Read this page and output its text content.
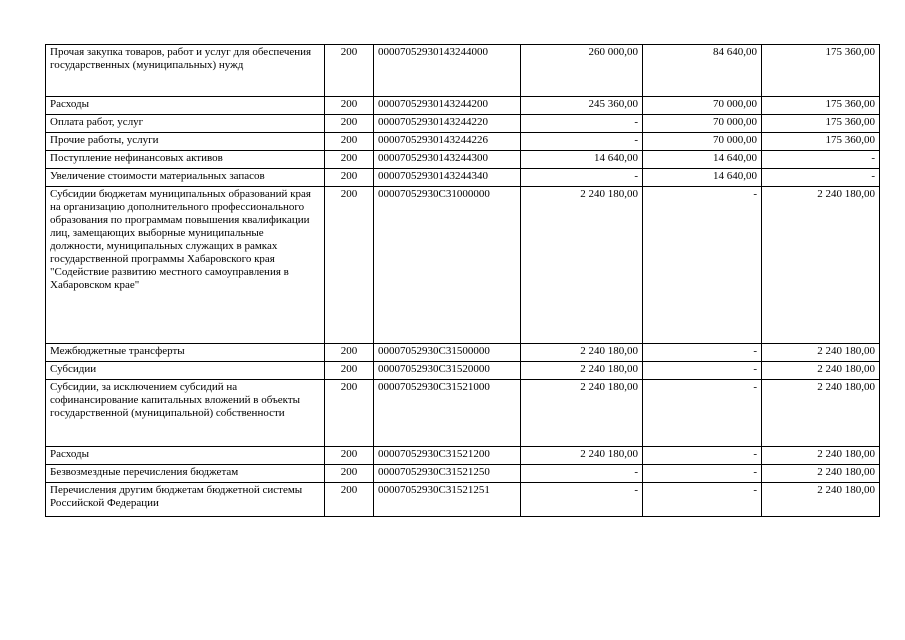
Прочая закупка товаров, работ и услуг для обеспечения государственных (муниципальных) нужд	200	00007052930143244000	260 000,00	84 640,00	175 360,00
Расходы	200	00007052930143244200	245 360,00	70 000,00	175 360,00
Оплата работ, услуг	200	00007052930143244220	-	70 000,00	175 360,00
Прочие работы, услуги	200	00007052930143244226	-	70 000,00	175 360,00
Поступление нефинансовых активов	200	00007052930143244300	14 640,00	14 640,00	-
Увеличение стоимости материальных запасов	200	00007052930143244340	-	14 640,00	-
Субсидии бюджетам муниципальных образований края на организацию дополнительного профессионального образования по программам повышения квалификации лиц, замещающих выборные муниципальные должности, муниципальных служащих в рамках государственной программы Хабаровского края "Содействие развитию местного самоуправления в Хабаровском крае"	200	00007052930С31000000	2 240 180,00	-	2 240 180,00
Межбюджетные трансферты	200	00007052930С31500000	2 240 180,00	-	2 240 180,00
Субсидии	200	00007052930С31520000	2 240 180,00	-	2 240 180,00
Субсидии, за исключением субсидий на софинансирование капитальных вложений в объекты государственной (муниципальной) собственности	200	00007052930С31521000	2 240 180,00	-	2 240 180,00
Расходы	200	00007052930С31521200	2 240 180,00	-	2 240 180,00
Безвозмездные перечисления бюджетам	200	00007052930С31521250	-	-	2 240 180,00
Перечисления другим бюджетам бюджетной системы Российской Федерации	200	00007052930С31521251	-	-	2 240 180,00
